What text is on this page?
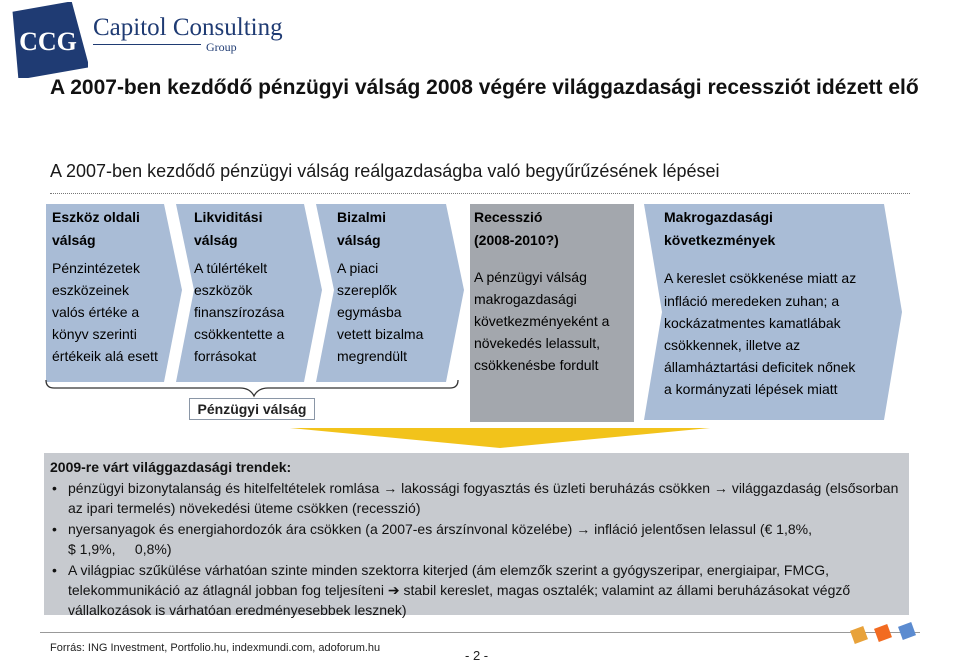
CCG Capitol Consulting
Group
A 2007-ben kezdődő pénzügyi válság 2008 végére világgazdasági recessziót idézett elő
A 2007-ben kezdődő pénzügyi válság reálgazdaságba való begyűrűzésének lépései
Eszköz oldali
válság
Pénzintézetek
eszközeinek
valós értéke a
könyv szerinti
értékeik alá esett
Likviditási
válság
A túlértékelt
eszközök
finanszírozása
csökkentette a
forrásokat
Bizalmi
válság
A piaci
szereplők
egymásba
vetett bizalma
megrendült
Recesszió
(2008-2010?)
A pénzügyi válság
makrogazdasági
következményeként a
növekedés lelassult,
csökkenésbe fordult
Makrogazdasági
következmények
A kereslet csökkenése miatt az
infláció meredeken zuhan; a
kockázatmentes kamatlábak
csökkennek, illetve az
államháztartási deficitek nőnek
a kormányzati lépések miatt
Pénzügyi válság
2009-re várt világgazdasági trendek:
• pénzügyi bizonytalanság és hitelfeltételek romlása → lakossági fogyasztás és üzleti beruházás csökken → világgazdaság (elsősorban az ipari termelés) növekedési üteme csökken (recesszió)
• nyersanyagok és energiahordozók ára csökken (a 2007-es árszínvonal közelébe) → infláció jelentősen lelassul (€ 1,8%,
$ 1,9%,     0,8%)
• A világpiac szűkülése várhatóan szinte minden szektorra kiterjed (ám elemzők szerint a gyógyszeripar, energiaipar, FMCG, telekommunikáció az átlagnál jobban fog teljesíteni ➔ stabil kereslet, magas osztalék; valamint az állami beruházásokat végző vállalkozások is várhatóan eredményesebbek lesznek)
Forrás: ING Investment, Portfolio.hu, indexmundi.com, adoforum.hu	- 2 -
